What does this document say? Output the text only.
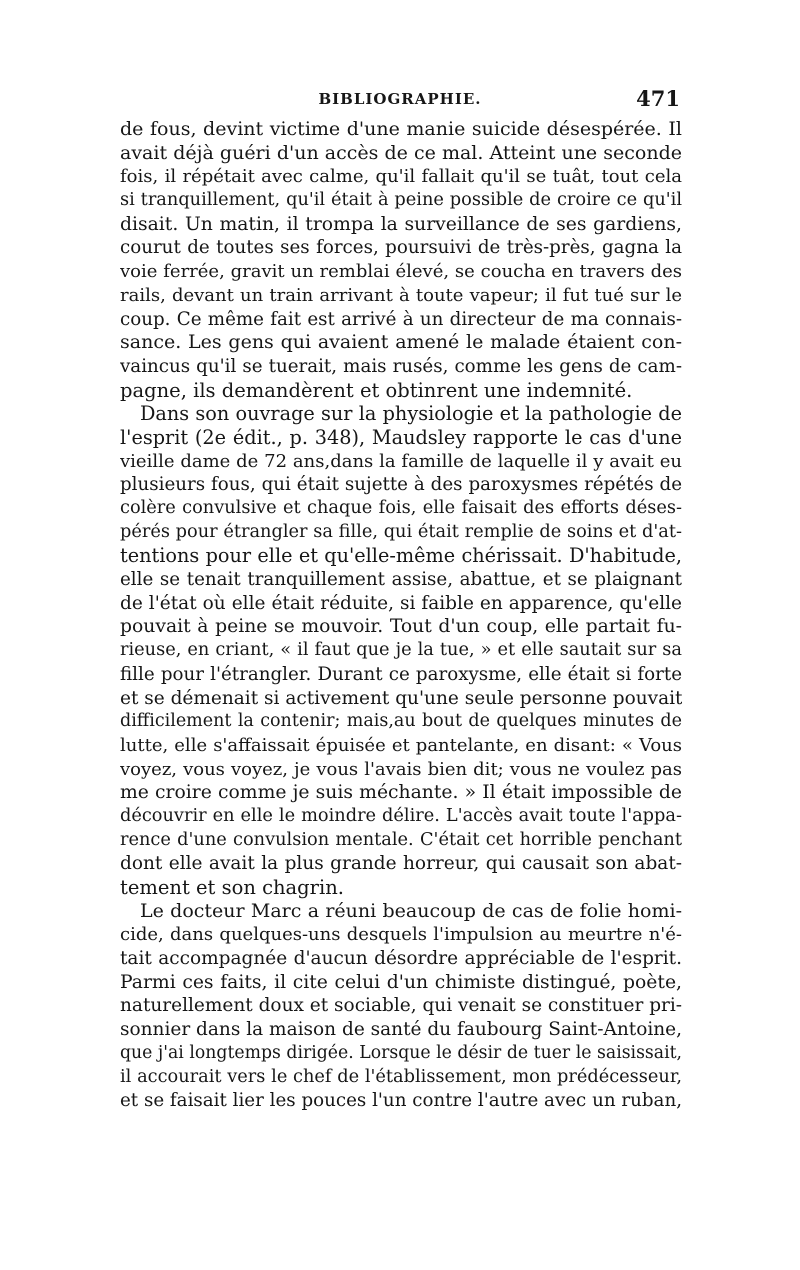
BIBLIOGRAPHIE.	471
de fous, devint victime d'une manie suicide désespérée. Il
avait déjà guéri d'un accès de ce mal. Atteint une seconde
fois, il répétait avec calme, qu'il fallait qu'il se tuât, tout cela
si tranquillement, qu'il était à peine possible de croire ce qu'il
disait. Un matin, il trompa la surveillance de ses gardiens,
courut de toutes ses forces, poursuivi de très-près, gagna la
voie ferrée, gravit un remblai élevé, se coucha en travers des
rails, devant un train arrivant à toute vapeur; il fut tué sur le
coup. Ce même fait est arrivé à un directeur de ma connais-
sance. Les gens qui avaient amené le malade étaient con-
vaincus qu'il se tuerait, mais rusés, comme les gens de cam-
pagne, ils demandèrent et obtinrent une indemnité.
Dans son ouvrage sur la physiologie et la pathologie de
l'esprit (2e édit., p. 348), Maudsley rapporte le cas d'une
vieille dame de 72 ans,dans la famille de laquelle il y avait eu
plusieurs fous, qui était sujette à des paroxysmes répétés de
colère convulsive et chaque fois, elle faisait des efforts déses-
pérés pour étrangler sa fille, qui était remplie de soins et d'at-
tentions pour elle et qu'elle-même chérissait. D'habitude,
elle se tenait tranquillement assise, abattue, et se plaignant
de l'état où elle était réduite, si faible en apparence, qu'elle
pouvait à peine se mouvoir. Tout d'un coup, elle partait fu-
rieuse, en criant, « il faut que je la tue, » et elle sautait sur sa
fille pour l'étrangler. Durant ce paroxysme, elle était si forte
et se démenait si activement qu'une seule personne pouvait
difficilement la contenir; mais,au bout de quelques minutes de
lutte, elle s'affaissait épuisée et pantelante, en disant: « Vous
voyez, vous voyez, je vous l'avais bien dit; vous ne voulez pas
me croire comme je suis méchante. » Il était impossible de
découvrir en elle le moindre délire. L'accès avait toute l'appa-
rence d'une convulsion mentale. C'était cet horrible penchant
dont elle avait la plus grande horreur, qui causait son abat-
tement et son chagrin.
Le docteur Marc a réuni beaucoup de cas de folie homi-
cide, dans quelques-uns desquels l'impulsion au meurtre n'é-
tait accompagnée d'aucun désordre appréciable de l'esprit.
Parmi ces faits, il cite celui d'un chimiste distingué, poète,
naturellement doux et sociable, qui venait se constituer pri-
sonnier dans la maison de santé du faubourg Saint-Antoine,
que j'ai longtemps dirigée. Lorsque le désir de tuer le saisissait,
il accourait vers le chef de l'établissement, mon prédécesseur,
et se faisait lier les pouces l'un contre l'autre avec un ruban,
